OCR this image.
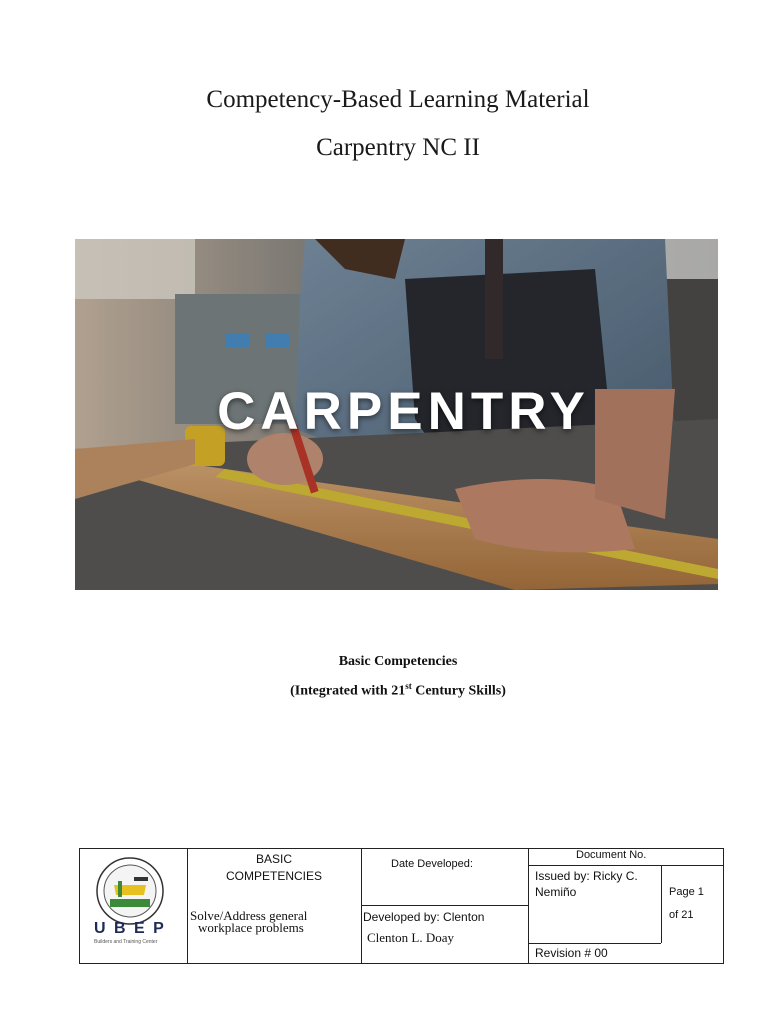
Competency-Based Learning Material
Carpentry NC II
CARPENTRY
Basic Competencies
(Integrated with 21st Century Skills)
U B E P
Builders and Training Center
BASIC
COMPETENCIES
Solve/Address general
workplace problems
Date Developed:
Developed by: Clenton
Clenton L. Doay
Document No.
Issued by: Ricky C.
Nemiño	Page 1
of 21
Revision # 00
